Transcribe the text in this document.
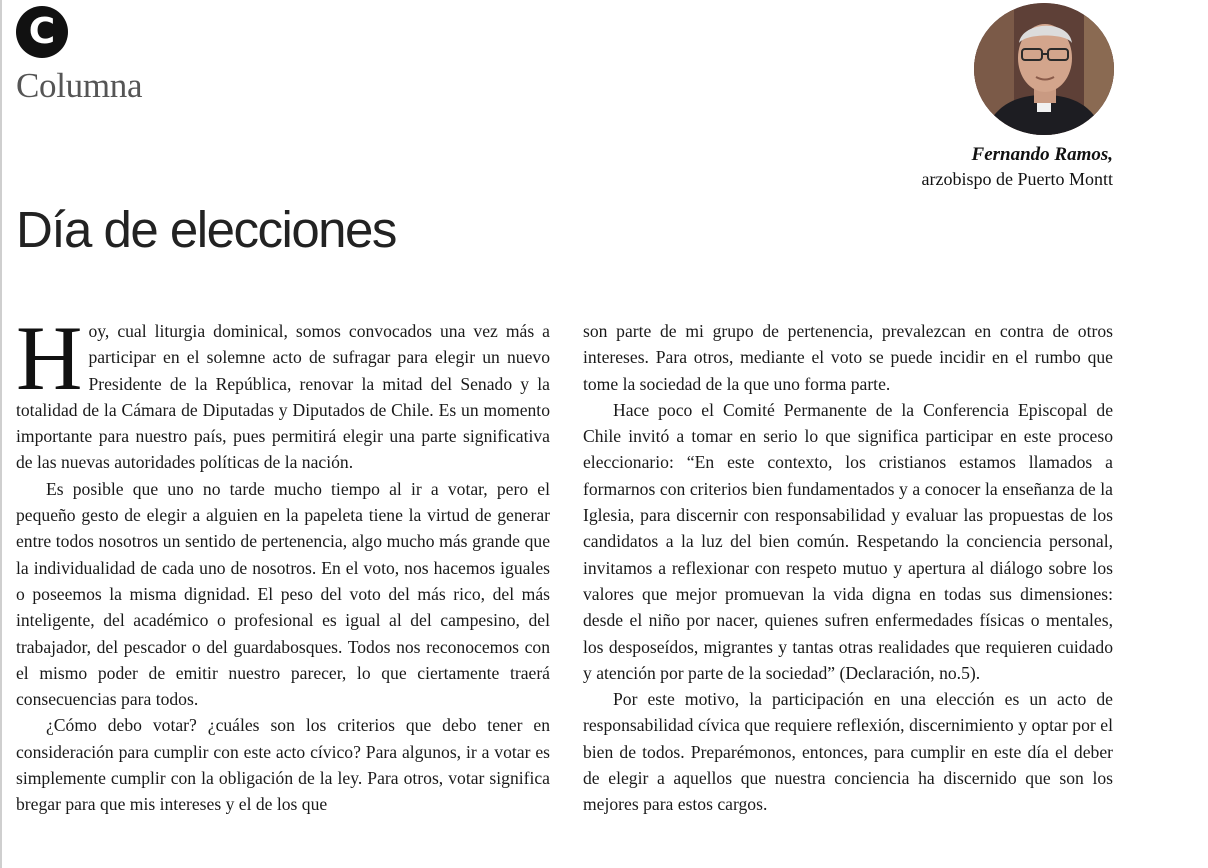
C
Columna
Fernando Ramos,
arzobispo de Puerto Montt
Día de elecciones

Hoy, cual liturgia dominical, somos convocados una vez más a participar en el solemne acto de sufragar para elegir un nuevo Presidente de la República, renovar la mitad del Senado y la totalidad de la Cámara de Diputadas y Diputados de Chile. Es un momento importante para nuestro país, pues permitirá elegir una parte significativa de las nuevas autoridades políticas de la nación.

Es posible que uno no tarde mucho tiempo al ir a votar, pero el pequeño gesto de elegir a alguien en la papeleta tiene la virtud de generar entre todos nosotros un sentido de pertenencia, algo mucho más grande que la individualidad de cada uno de nosotros. En el voto, nos hacemos iguales o poseemos la misma dignidad. El peso del voto del más rico, del más inteligente, del académico o profesional es igual al del campesino, del trabajador, del pescador o del guardabosques. Todos nos reconocemos con el mismo poder de emitir nuestro parecer, lo que ciertamente traerá consecuencias para todos.

¿Cómo debo votar? ¿cuáles son los criterios que debo tener en consideración para cumplir con este acto cívico? Para algunos, ir a votar es simplemente cumplir con la obligación de la ley. Para otros, votar significa bregar para que mis intereses y el de los que

son parte de mi grupo de pertenencia, prevalezcan en contra de otros intereses. Para otros, mediante el voto se puede incidir en el rumbo que tome la sociedad de la que uno forma parte.

Hace poco el Comité Permanente de la Conferencia Episcopal de Chile invitó a tomar en serio lo que significa participar en este proceso eleccionario: “En este contexto, los cristianos estamos llamados a formarnos con criterios bien fundamentados y a conocer la enseñanza de la Iglesia, para discernir con responsabilidad y evaluar las propuestas de los candidatos a la luz del bien común. Respetando la conciencia personal, invitamos a reflexionar con respeto mutuo y apertura al diálogo sobre los valores que mejor promuevan la vida digna en todas sus dimensiones: desde el niño por nacer, quienes sufren enfermedades físicas o mentales, los desposeídos, migrantes y tantas otras realidades que requieren cuidado y atención por parte de la sociedad” (Declaración, no.5).

Por este motivo, la participación en una elección es un acto de responsabilidad cívica que requiere reflexión, discernimiento y optar por el bien de todos. Preparémonos, entonces, para cumplir en este día el deber de elegir a aquellos que nuestra conciencia ha discernido que son los mejores para estos cargos.
